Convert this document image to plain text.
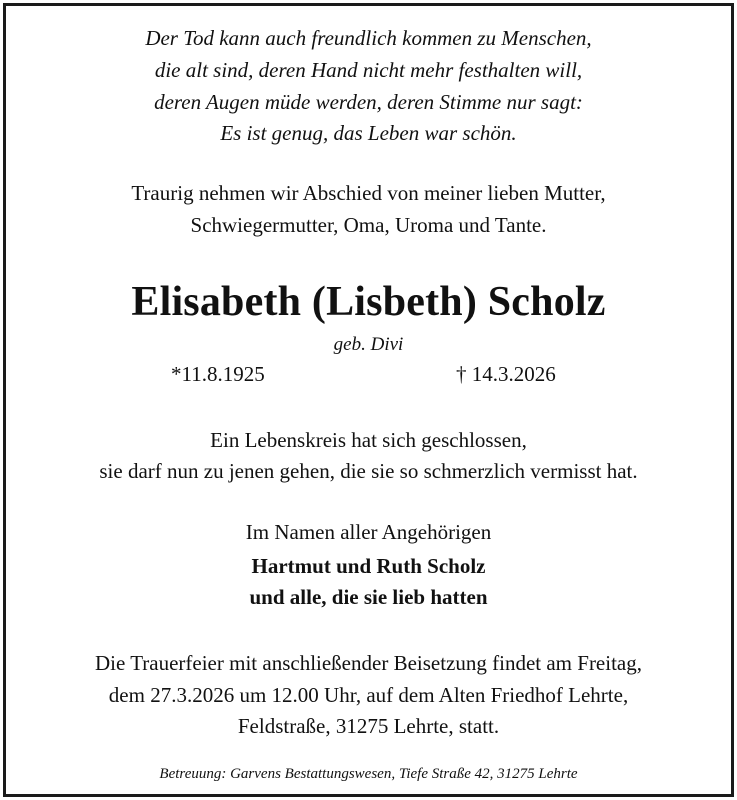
Der Tod kann auch freundlich kommen zu Menschen,
die alt sind, deren Hand nicht mehr festhalten will,
deren Augen müde werden, deren Stimme nur sagt:
Es ist genug, das Leben war schön.
Traurig nehmen wir Abschied von meiner lieben Mutter,
Schwiegermutter, Oma, Uroma und Tante.
Elisabeth (Lisbeth) Scholz
geb. Divi
*11.8.1925	† 14.3.2026
Ein Lebenskreis hat sich geschlossen,
sie darf nun zu jenen gehen, die sie so schmerzlich vermisst hat.
Im Namen aller Angehörigen
Hartmut und Ruth Scholz
und alle, die sie lieb hatten
Die Trauerfeier mit anschließender Beisetzung findet am Freitag,
dem 27.3.2026 um 12.00 Uhr, auf dem Alten Friedhof Lehrte,
Feldstraße, 31275 Lehrte, statt.
Betreuung: Garvens Bestattungswesen, Tiefe Straße 42, 31275 Lehrte
